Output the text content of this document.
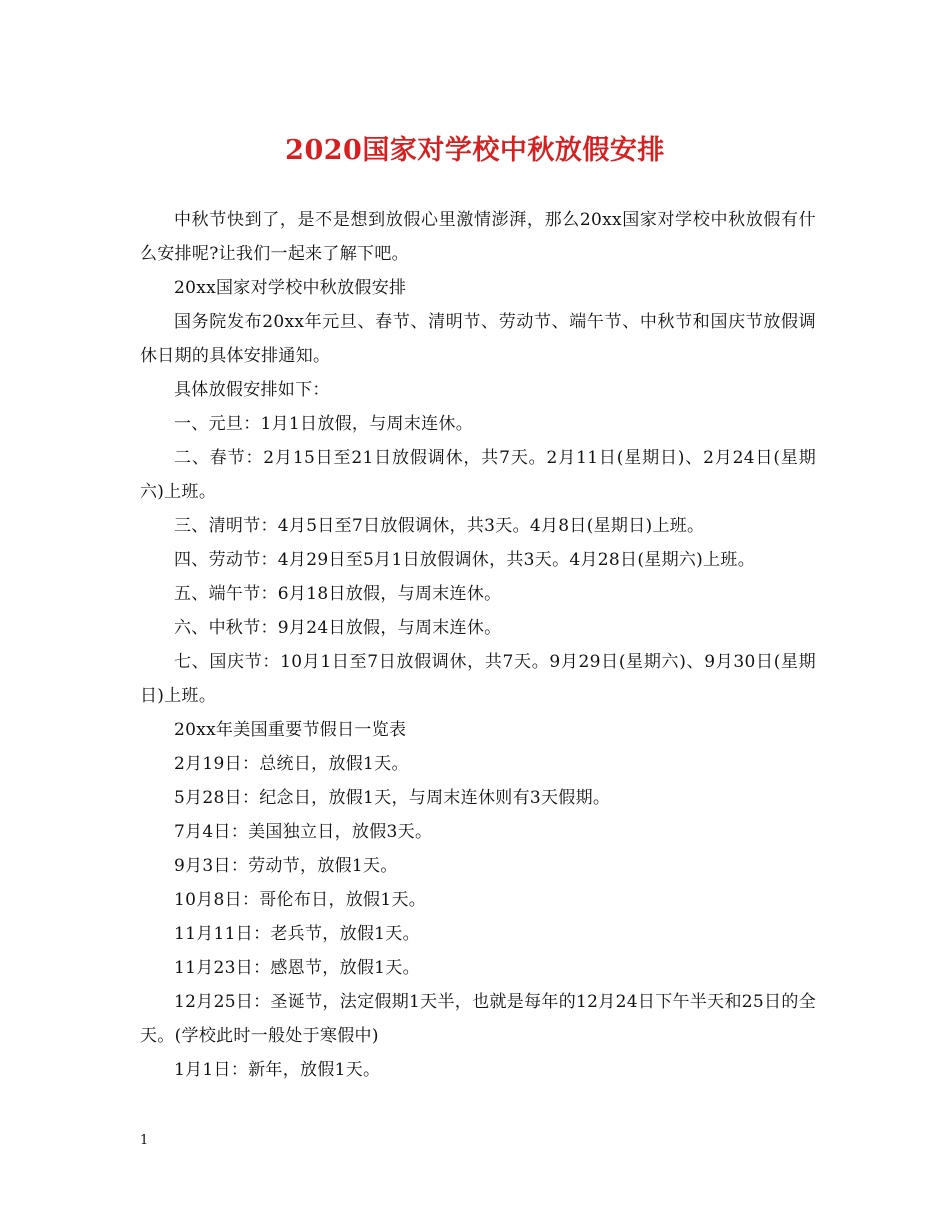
2020国家对学校中秋放假安排

中秋节快到了，是不是想到放假心里激情澎湃，那么20xx国家对学校中秋放假有什么安排呢?让我们一起来了解下吧。

20xx国家对学校中秋放假安排

国务院发布20xx年元旦、春节、清明节、劳动节、端午节、中秋节和国庆节放假调休日期的具体安排通知。

具体放假安排如下：

一、元旦：1月1日放假，与周末连休。

二、春节：2月15日至21日放假调休，共7天。2月11日(星期日)、2月24日(星期六)上班。

三、清明节：4月5日至7日放假调休，共3天。4月8日(星期日)上班。

四、劳动节：4月29日至5月1日放假调休，共3天。4月28日(星期六)上班。

五、端午节：6月18日放假，与周末连休。

六、中秋节：9月24日放假，与周末连休。

七、国庆节：10月1日至7日放假调休，共7天。9月29日(星期六)、9月30日(星期日)上班。

20xx年美国重要节假日一览表

2月19日：总统日，放假1天。

5月28日：纪念日，放假1天，与周末连休则有3天假期。

7月4日：美国独立日，放假3天。

9月3日：劳动节，放假1天。

10月8日：哥伦布日，放假1天。

11月11日：老兵节，放假1天。

11月23日：感恩节，放假1天。

12月25日：圣诞节，法定假期1天半，也就是每年的12月24日下午半天和25日的全天。(学校此时一般处于寒假中)

1月1日：新年，放假1天。

1
